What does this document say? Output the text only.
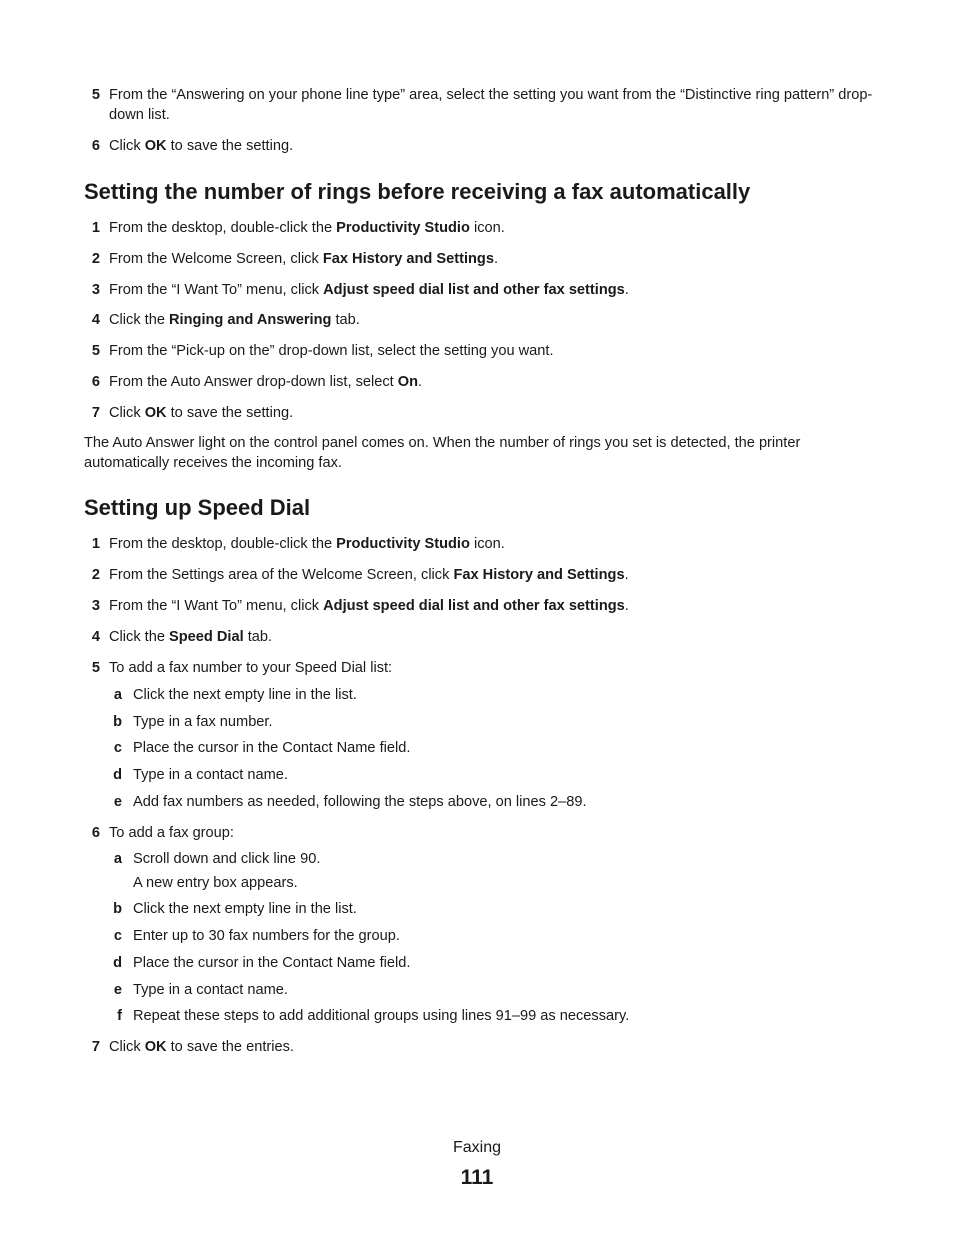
5 From the “Answering on your phone line type” area, select the setting you want from the “Distinctive ring pattern” drop-down list.
6 Click OK to save the setting.
Setting the number of rings before receiving a fax automatically
1 From the desktop, double-click the Productivity Studio icon.
2 From the Welcome Screen, click Fax History and Settings.
3 From the “I Want To” menu, click Adjust speed dial list and other fax settings.
4 Click the Ringing and Answering tab.
5 From the “Pick-up on the” drop-down list, select the setting you want.
6 From the Auto Answer drop-down list, select On.
7 Click OK to save the setting.

The Auto Answer light on the control panel comes on. When the number of rings you set is detected, the printer automatically receives the incoming fax.

Setting up Speed Dial
1 From the desktop, double-click the Productivity Studio icon.
2 From the Settings area of the Welcome Screen, click Fax History and Settings.
3 From the “I Want To” menu, click Adjust speed dial list and other fax settings.
4 Click the Speed Dial tab.
5 To add a fax number to your Speed Dial list:
a Click the next empty line in the list.
b Type in a fax number.
c Place the cursor in the Contact Name field.
d Type in a contact name.
e Add fax numbers as needed, following the steps above, on lines 2–89.
6 To add a fax group:
a Scroll down and click line 90.
A new entry box appears.
b Click the next empty line in the list.
c Enter up to 30 fax numbers for the group.
d Place the cursor in the Contact Name field.
e Type in a contact name.
f Repeat these steps to add additional groups using lines 91–99 as necessary.
7 Click OK to save the entries.
Faxing
111
